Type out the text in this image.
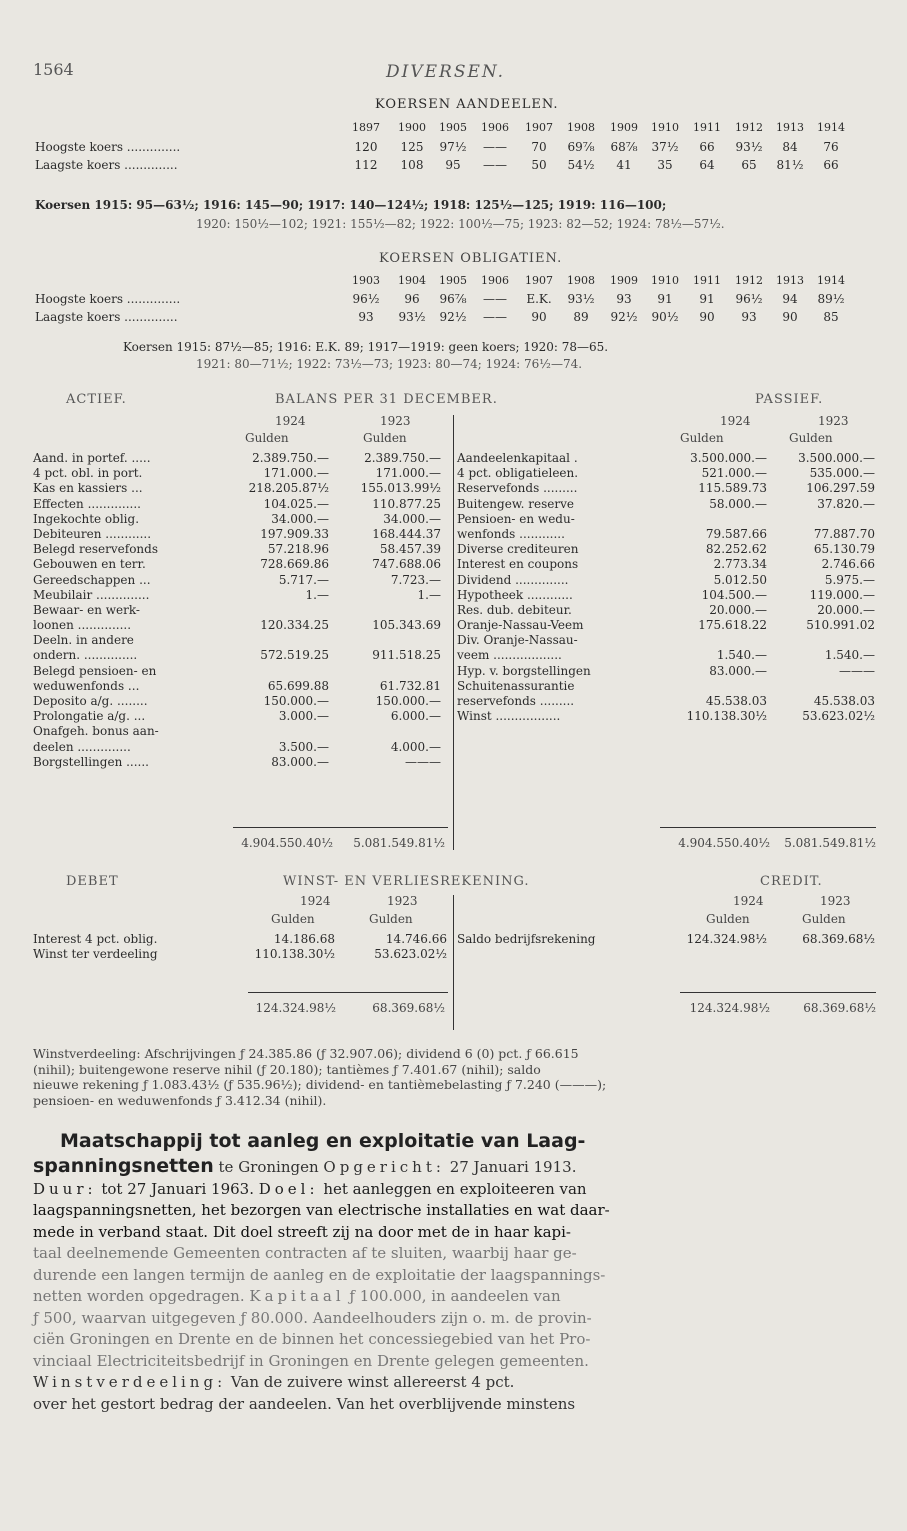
1564	DIVERSEN.
KOERSEN AANDEELEN.
1897	1900	1905	1906	1907	1908	1909	1910	1911	1912	1913	1914
Hoogste koers ..............	120	125	97½	——	70	69⅞	68⅞	37½	66	93½	84	76
Laagste koers ..............	112	108	95	——	50	54½	41	35	64	65	81½	66
Koersen 1915: 95—63½; 1916: 145—90; 1917: 140—124½; 1918: 125½—125; 1919: 116—100;
1920: 150½—102; 1921: 155½—82; 1922: 100½—75; 1923: 82—52; 1924: 78½—57½.
KOERSEN OBLIGATIEN.
1903	1904	1905	1906	1907	1908	1909	1910	1911	1912	1913	1914
Hoogste koers ..............	96½	96	96⅞	——	E.K.	93½	93	91	91	96½	94	89½
Laagste koers ..............	93	93½	92½	——	90	89	92½	90½	90	93	90	85
Koersen 1915: 87½—85; 1916: E.K. 89; 1917—1919: geen koers; 1920: 78—65.
1921: 80—71½; 1922: 73½—73; 1923: 80—74; 1924: 76½—74.
ACTIEF.	BALANS PER 31 DECEMBER.	PASSIEF.
1924	1923
Gulden	Gulden
1924	1923
Gulden	Gulden
Aand. in portef. .....	2.389.750.—	2.389.750.—
4 pct. obl. in port.	171.000.—	171.000.—
Kas en kassiers ...	218.205.87½	155.013.99½
Effecten ..............	104.025.—	110.877.25
Ingekochte oblig.	34.000.—	34.000.—
Debiteuren ............	197.909.33	168.444.37
Belegd reservefonds	57.218.96	58.457.39
Gebouwen en terr.	728.669.86	747.688.06
Gereedschappen ...	5.717.—	7.723.—
Meubilair ..............	1.—	1.—
Bewaar- en werk-
loonen ..............	120.334.25	105.343.69
Deeln. in andere
ondern. ..............	572.519.25	911.518.25
Belegd pensioen- en
weduwenfonds ...	65.699.88	61.732.81
Deposito a/g. ........	150.000.—	150.000.—
Prolongatie a/g. ...	3.000.—	6.000.—
Onafgeh. bonus aan-
deelen ..............	3.500.—	4.000.—
Borgstellingen ......	83.000.—	———
Aandeelenkapitaal .	3.500.000.—	3.500.000.—
4 pct. obligatieleen.	521.000.—	535.000.—
Reservefonds .........	115.589.73	106.297.59
Buitengew. reserve	58.000.—	37.820.—
Pensioen- en wedu-
wenfonds ............	79.587.66	77.887.70
Diverse crediteuren	82.252.62	65.130.79
Interest en coupons	2.773.34	2.746.66
Dividend ..............	5.012.50	5.975.—
Hypotheek ............	104.500.—	119.000.—
Res. dub. debiteur.	20.000.—	20.000.—
Oranje-Nassau-Veem	175.618.22	510.991.02
Div. Oranje-Nassau-
veem ..................	1.540.—	1.540.—
Hyp. v. borgstellingen	83.000.—	———
Schuitenassurantie
reservefonds .........	45.538.03	45.538.03
Winst .................	110.138.30½	53.623.02½
4.904.550.40½	5.081.549.81½	4.904.550.40½	5.081.549.81½
DEBET	WINST- EN VERLIESREKENING.	CREDIT.
1924	1923
Gulden	Gulden
1924	1923
Gulden	Gulden
Interest 4 pct. oblig.	14.186.68	14.746.66
Winst ter verdeeling	110.138.30½	53.623.02½
Saldo bedrijfsrekening	124.324.98½	68.369.68½
124.324.98½	68.369.68½	124.324.98½	68.369.68½
Winstverdeeling: Afschrijvingen ƒ 24.385.86 (ƒ 32.907.06); dividend 6 (0) pct. ƒ 66.615
(nihil); buitengewone reserve nihil (ƒ 20.180); tantièmes ƒ 7.401.67 (nihil); saldo
nieuwe rekening ƒ 1.083.43½ (ƒ 535.96½); dividend- en tantièmebelasting ƒ 7.240 (———);
pensioen- en weduwenfonds ƒ 3.412.34 (nihil).
Maatschappij tot aanleg en exploitatie van Laag-
spanningsnetten te Groningen Opgericht: 27 Januari 1913.
Duur: tot 27 Januari 1963. Doel: het aanleggen en exploiteeren van
laagspanningsnetten, het bezorgen van electrische installaties en wat daar-
mede in verband staat. Dit doel streeft zij na door met de in haar kapi-
taal deelnemende Gemeenten contracten af te sluiten, waarbij haar ge-
durende een langen termijn de aanleg en de exploitatie der laagspannings-
netten worden opgedragen. Kapitaal ƒ 100.000, in aandeelen van
ƒ 500, waarvan uitgegeven ƒ 80.000. Aandeelhouders zijn o. m. de provin-
ciën Groningen en Drente en de binnen het concessiegebied van het Pro-
vinciaal Electriciteitsbedrijf in Groningen en Drente gelegen gemeenten.
Winstverdeeling: Van de zuivere winst allereerst 4 pct.
over het gestort bedrag der aandeelen. Van het overblijvende minstens
